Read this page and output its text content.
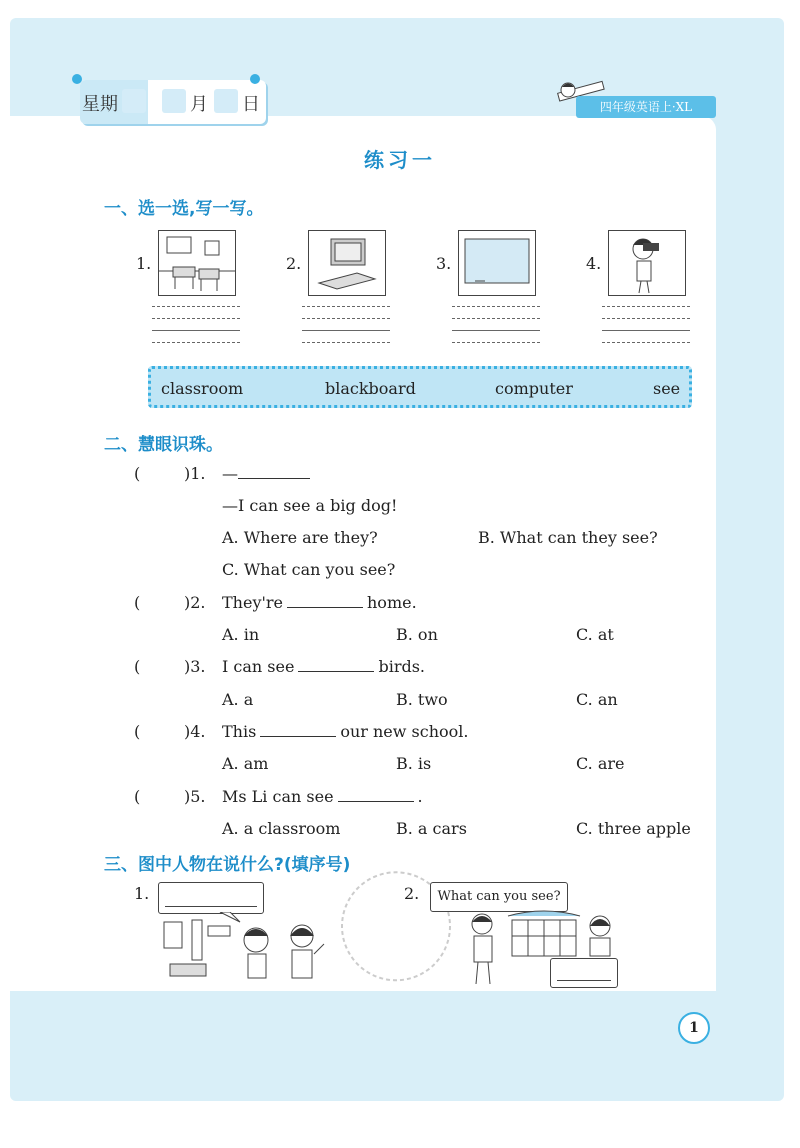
星期	月 日	四年级英语上·XL
练习一
一、选一选,写一写。
1.	2.	3.	4.
classroom	blackboard	computer	see
二、慧眼识珠。
(	)1. —
—I can see a big dog!
A. Where are they?	B. What can they see?
C. What can you see?
(	)2. They're	home.
A. in	B. on	C. at
(	)3. I can see	birds.
A. a	B. two	C. an
(	)4. This	our new school.
A. am	B. is	C. are
(	)5. Ms Li can see	.
A. a classroom	B. a cars	C. three apple
三、图中人物在说什么?(填序号)
1.	2.	What can you see?
1
